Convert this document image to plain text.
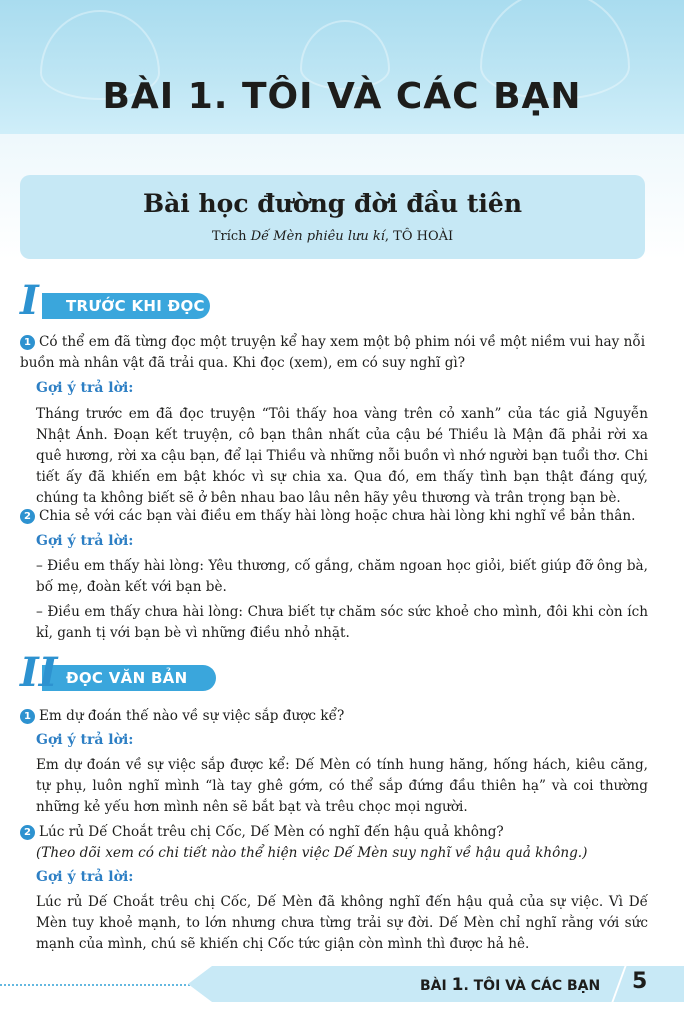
BÀI 1. TÔI VÀ CÁC BẠN
Bài học đường đời đầu tiên
Trích Dế Mèn phiêu lưu kí, TÔ HOÀI
I	TRƯỚC KHI ĐỌC

1 Có thể em đã từng đọc một truyện kể hay xem một bộ phim nói về một niềm vui hay nỗi buồn mà nhân vật đã trải qua. Khi đọc (xem), em có suy nghĩ gì?

Gợi ý trả lời:

Tháng trước em đã đọc truyện “Tôi thấy hoa vàng trên cỏ xanh” của tác giả Nguyễn Nhật Ánh. Đoạn kết truyện, cô bạn thân nhất của cậu bé Thiều là Mận đã phải rời xa quê hương, rời xa cậu bạn, để lại Thiều và những nỗi buồn vì nhớ người bạn tuổi thơ. Chi tiết ấy đã khiến em bật khóc vì sự chia xa. Qua đó, em thấy tình bạn thật đáng quý, chúng ta không biết sẽ ở bên nhau bao lâu nên hãy yêu thương và trân trọng bạn bè.

2 Chia sẻ với các bạn vài điều em thấy hài lòng hoặc chưa hài lòng khi nghĩ về bản thân.

Gợi ý trả lời:

– Điều em thấy hài lòng: Yêu thương, cố gắng, chăm ngoan học giỏi, biết giúp đỡ ông bà, bố mẹ, đoàn kết với bạn bè.

– Điều em thấy chưa hài lòng: Chưa biết tự chăm sóc sức khoẻ cho mình, đôi khi còn ích kỉ, ganh tị với bạn bè vì những điều nhỏ nhặt.

II ĐỌC VĂN BẢN

1 Em dự đoán thế nào về sự việc sắp được kể?

Gợi ý trả lời:

Em dự đoán về sự việc sắp được kể: Dế Mèn có tính hung hăng, hống hách, kiêu căng, tự phụ, luôn nghĩ mình “là tay ghê gớm, có thể sắp đứng đầu thiên hạ” và coi thường những kẻ yếu hơn mình nên sẽ bắt bạt và trêu chọc mọi người.

2 Lúc rủ Dế Choắt trêu chị Cốc, Dế Mèn có nghĩ đến hậu quả không?

(Theo dõi xem có chi tiết nào thể hiện việc Dế Mèn suy nghĩ về hậu quả không.)

Gợi ý trả lời:

Lúc rủ Dế Choắt trêu chị Cốc, Dế Mèn đã không nghĩ đến hậu quả của sự việc. Vì Dế Mèn tuy khoẻ mạnh, to lớn nhưng chưa từng trải sự đời. Dế Mèn chỉ nghĩ rằng với sức mạnh của mình, chú sẽ khiến chị Cốc tức giận còn mình thì được hả hê.

BÀI 1. TÔI VÀ CÁC BẠN 5
